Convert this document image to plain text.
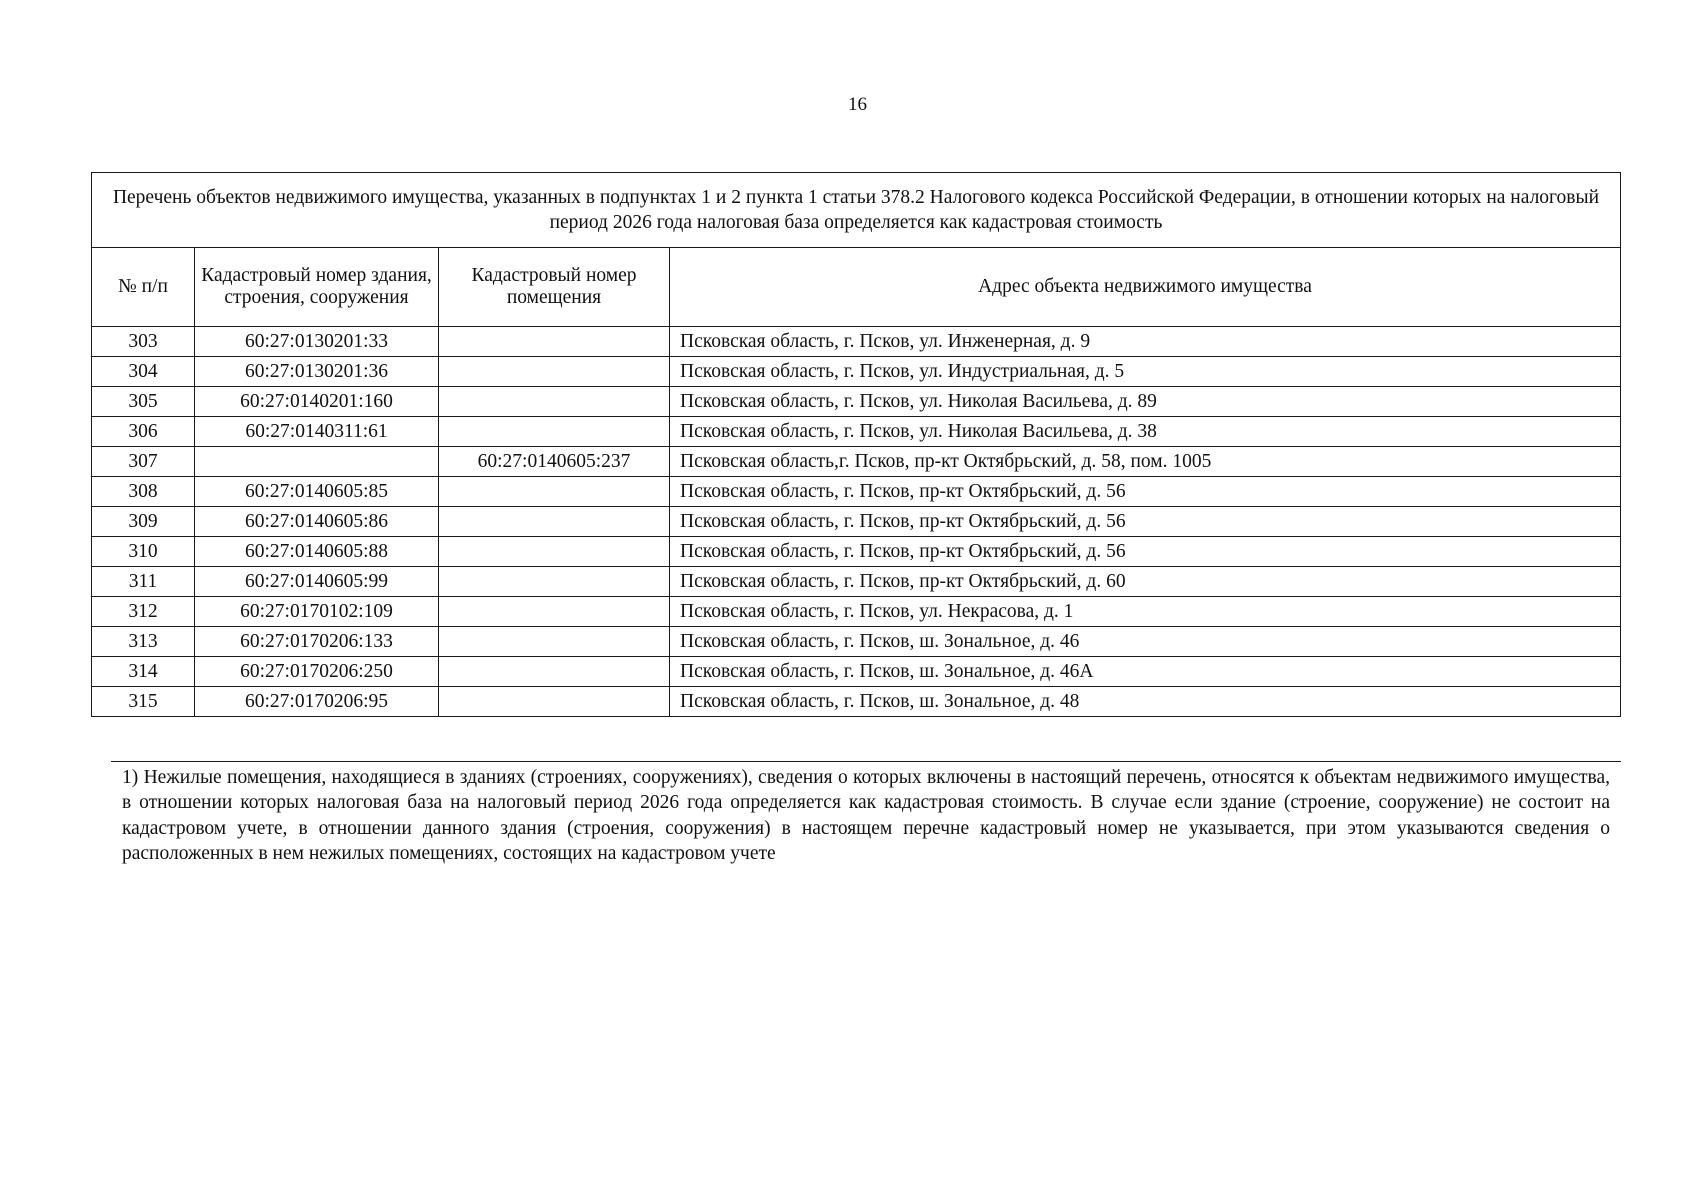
16
Перечень объектов недвижимого имущества, указанных в подпунктах 1 и 2 пункта 1 статьи 378.2 Налогового кодекса Российской Федерации, в отношении которых на налоговый период 2026 года налоговая база определяется как кадастровая стоимость			
№ п/п	Кадастровый номер здания, строения, сооружения	Кадастровый номер помещения	Адрес объекта недвижимого имущества
303	60:27:0130201:33		Псковская область, г. Псков, ул. Инженерная, д. 9
304	60:27:0130201:36		Псковская область, г. Псков, ул. Индустриальная, д. 5
305	60:27:0140201:160		Псковская область, г. Псков, ул. Николая Васильева, д. 89
306	60:27:0140311:61		Псковская область, г. Псков, ул. Николая Васильева, д. 38
307		60:27:0140605:237	Псковская область,г. Псков, пр-кт Октябрьский, д. 58, пом. 1005
308	60:27:0140605:85		Псковская область, г. Псков, пр-кт Октябрьский, д. 56
309	60:27:0140605:86		Псковская область, г. Псков, пр-кт Октябрьский, д. 56
310	60:27:0140605:88		Псковская область, г. Псков, пр-кт Октябрьский, д. 56
311	60:27:0140605:99		Псковская область, г. Псков, пр-кт Октябрьский, д. 60
312	60:27:0170102:109		Псковская область, г. Псков, ул. Некрасова, д. 1
313	60:27:0170206:133		Псковская область, г. Псков, ш. Зональное, д. 46
314	60:27:0170206:250		Псковская область, г. Псков, ш. Зональное, д. 46А
315	60:27:0170206:95		Псковская область, г. Псков, ш. Зональное, д. 48
1) Нежилые помещения, находящиеся в зданиях (строениях, сооружениях), сведения о которых включены в настоящий перечень, относятся к объектам недвижимого имущества, в отношении которых налоговая база на налоговый период 2026 года определяется как кадастровая стоимость. В случае если здание (строение, сооружение) не состоит на кадастровом учете, в отношении данного здания (строения, сооружения) в настоящем перечне кадастровый номер не указывается, при этом указываются сведения о расположенных в нем нежилых помещениях, состоящих на кадастровом учете
